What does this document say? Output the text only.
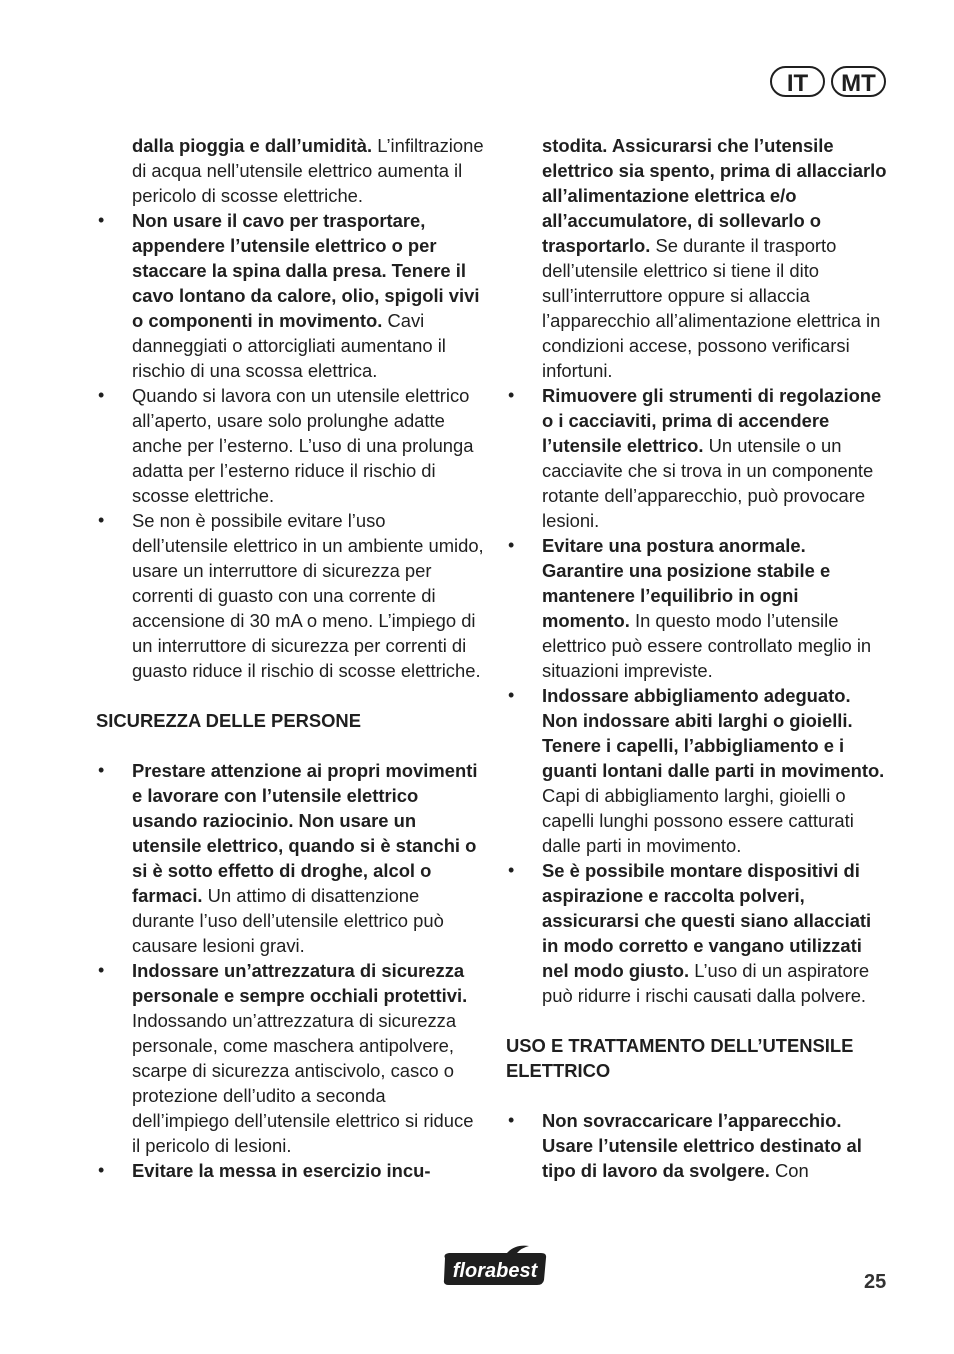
IT	MT

dalla pioggia e dall’umidità. L’infiltrazione di acqua nell’utensile elettrico aumenta il pericolo di scosse elettriche.

• Non usare il cavo per trasportare, appendere l’utensile elettrico o per staccare la spina dalla presa. Tenere il cavo lontano da calore, olio, spigoli vivi o componenti in movimento. Cavi danneggiati o attorcigliati aumentano il rischio di una scossa elettrica.

• Quando si lavora con un utensile elettrico all’aperto, usare solo prolunghe adatte anche per l’esterno. L’uso di una prolunga adatta per l’esterno riduce il rischio di scosse elettriche.

• Se non è possibile evitare l’uso dell’utensile elettrico in un ambiente umido, usare un interruttore di sicurezza per correnti di guasto con una corrente di accensione di 30 mA o meno. L’impiego di un interruttore di sicurezza per correnti di guasto riduce il rischio di scosse elettriche.

SICUREZZA DELLE PERSONE

• Prestare attenzione ai propri movimenti e lavorare con l’utensile elettrico usando raziocinio. Non usare un utensile elettrico, quando si è stanchi o si è sotto effetto di droghe, alcol o farmaci. Un attimo di disattenzione durante l’uso dell’utensile elettrico può causare lesioni gravi.

• Indossare un’attrezzatura di sicurezza personale e sempre occhiali protettivi. Indossando un’attrezzatura di sicurezza personale, come maschera antipolvere, scarpe di sicurezza antiscivolo, casco o protezione dell’udito a seconda dell’impiego dell’utensile elettrico si riduce il pericolo di lesioni.

• Evitare la messa in esercizio incu-

stodita. Assicurarsi che l’utensile elettrico sia spento, prima di allacciarlo all’alimentazione elettrica e/o all’accumulatore, di sollevarlo o trasportarlo. Se durante il trasporto dell’utensile elettrico si tiene il dito sull’interruttore oppure si allaccia l’apparecchio all’alimentazione elettrica in condizioni accese, possono verificarsi infortuni.

• Rimuovere gli strumenti di regolazione o i cacciaviti, prima di accendere l’utensile elettrico. Un utensile o un cacciavite che si trova in un componente rotante dell’apparecchio, può provocare lesioni.

• Evitare una postura anormale. Garantire una posizione stabile e mantenere l’equilibrio in ogni momento. In questo modo l’utensile elettrico può essere controllato meglio in situazioni impreviste.

• Indossare abbigliamento adeguato. Non indossare abiti larghi o gioielli. Tenere i capelli, l’abbigliamento e i guanti lontani dalle parti in movimento. Capi di abbigliamento larghi, gioielli o capelli lunghi possono essere catturati dalle parti in movimento.

• Se è possibile montare dispositivi di aspirazione e raccolta polveri, assicurarsi che questi siano allacciati in modo corretto e vangano utilizzati nel modo giusto. L’uso di un aspiratore può ridurre i rischi causati dalla polvere.

USO E TRATTAMENTO DELL’UTENSILE ELETTRICO

• Non sovraccaricare l’apparecchio. Usare l’utensile elettrico destinato al tipo di lavoro da svolgere. Con

florabest	25
